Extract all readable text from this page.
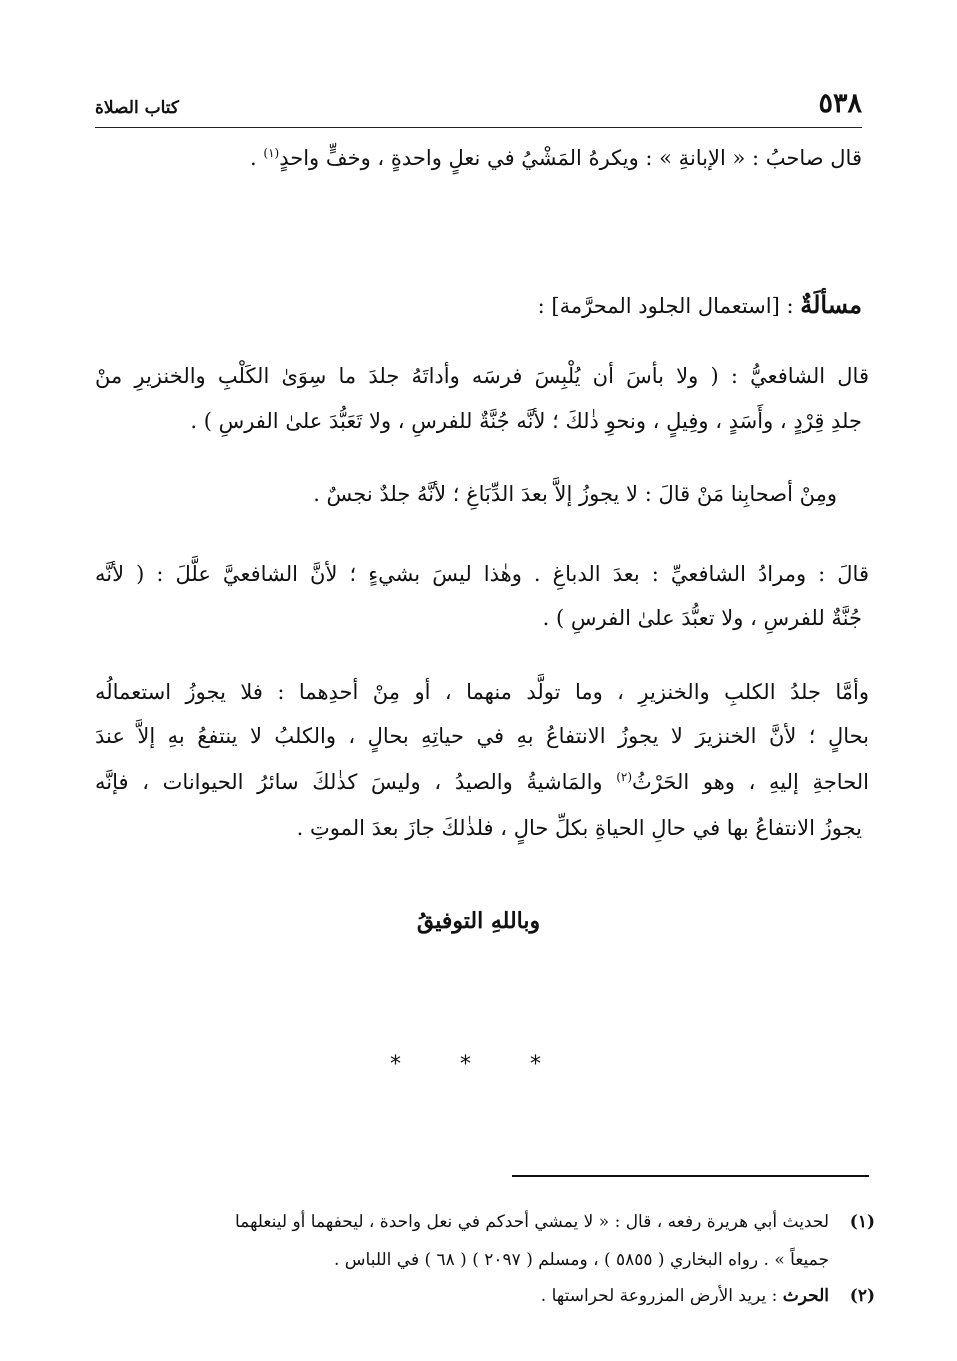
٥٣٨
كتاب الصلاة
قال صاحبُ : « الإبانةِ » : ويكرهُ المَشْيُ في نعلٍ واحدةٍ ، وخفٍّ واحدٍ$^{(١)}$ .
مسألَةٌ : [استعمال الجلود المحرَّمة] :
قال الشافعيُّ : ( ولا بأسَ أن يُلْبِسَ فرسَه وأداتَهُ جلدَ ما سِوَىٰ الكَلْبِ والخنزيرِ منْ
جلدِ قِرْدٍ ، وأَسَدٍ ، وفِيلٍ ، ونحوِ ذٰلكَ ؛ لأنَّه جُنَّةٌ للفرسِ ، ولا تَعَبُّدَ علىٰ الفرسِ ) .
ومِنْ أصحابِنا مَنْ قالَ : لا يجوزُ إلاَّ بعدَ الدِّبَاغِ ؛ لأنَّهُ جلدٌ نجسٌ .
قالَ : ومرادُ الشافعيِّ : بعدَ الدباغِ . وهٰذا ليسَ بشيءٍ ؛ لأنَّ الشافعيَّ علَّلَ : ( لأنَّه
جُنَّةٌ للفرسِ ، ولا تعبُّدَ علىٰ الفرسِ ) .
وأمَّا جلدُ الكلبِ والخنزيرِ ، وما تولَّد منهما ، أو مِنْ أحدِهما : فلا يجوزُ استعمالُه
بحالٍ ؛ لأنَّ الخنزيرَ لا يجوزُ الانتفاعُ بهِ في حياتِهِ بحالٍ ، والكلبُ لا ينتفعُ بهِ إلاَّ عندَ
الحاجةِ إليهِ ، وهو الحَرْثُ$^{(٢)}$ والمَاشيةُ والصيدُ ، وليسَ كذٰلكَ سائرُ الحيوانات ، فإنَّه
يجوزُ الانتفاعُ بها في حالِ الحياةِ بكلِّ حالٍ ، فلذٰلكَ جازَ بعدَ الموتِ .
وباللهِ التوفيقُ
* * *
(١)
لحديث أبي هريرة رفعه ، قال : « لا يمشي أحدكم في نعل واحدة ، ليحفهما أو لينعلهما
جميعاً » . رواه البخاري ( ٥٨٥٥ ) ، ومسلم ( ٢٠٩٧ ) ( ٦٨ ) في اللباس .
(٢)
الحرث : يريد الأرض المزروعة لحراستها .
